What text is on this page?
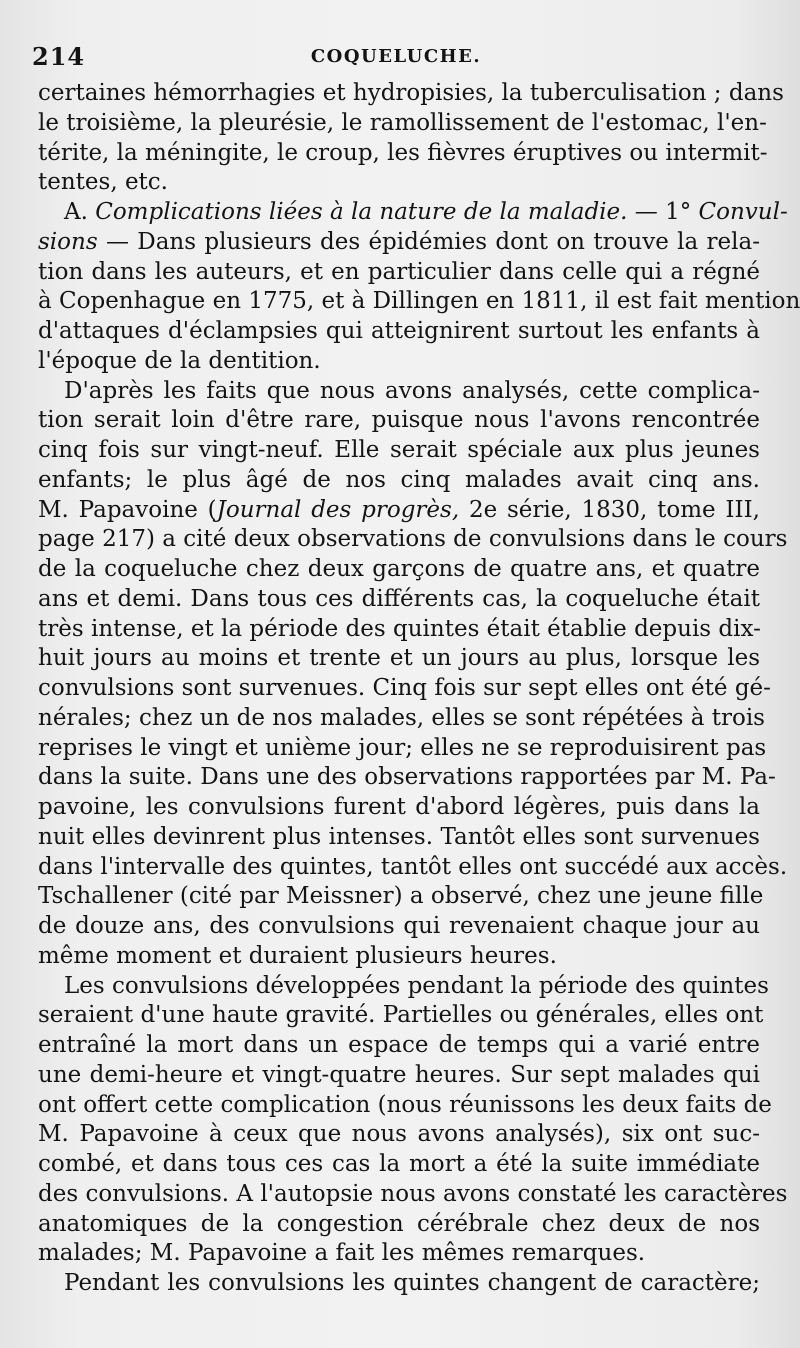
214	COQUELUCHE.
certaines hémorrhagies et hydropisies, la tuberculisation ; dans
le troisième, la pleurésie, le ramollissement de l'estomac, l'en-
térite, la méningite, le croup, les fièvres éruptives ou intermit-
tentes, etc.
A. Complications liées à la nature de la maladie. — 1° Convul-
sions — Dans plusieurs des épidémies dont on trouve la rela-
tion dans les auteurs, et en particulier dans celle qui a régné
à Copenhague en 1775, et à Dillingen en 1811, il est fait mention
d'attaques d'éclampsies qui atteignirent surtout les enfants à
l'époque de la dentition.
D'après les faits que nous avons analysés, cette complica-
tion serait loin d'être rare, puisque nous l'avons rencontrée
cinq fois sur vingt-neuf. Elle serait spéciale aux plus jeunes
enfants; le plus âgé de nos cinq malades avait cinq ans.
M. Papavoine (Journal des progrès, 2e série, 1830, tome III,
page 217) a cité deux observations de convulsions dans le cours
de la coqueluche chez deux garçons de quatre ans, et quatre
ans et demi. Dans tous ces différents cas, la coqueluche était
très intense, et la période des quintes était établie depuis dix-
huit jours au moins et trente et un jours au plus, lorsque les
convulsions sont survenues. Cinq fois sur sept elles ont été gé-
nérales; chez un de nos malades, elles se sont répétées à trois
reprises le vingt et unième jour; elles ne se reproduisirent pas
dans la suite. Dans une des observations rapportées par M. Pa-
pavoine, les convulsions furent d'abord légères, puis dans la
nuit elles devinrent plus intenses. Tantôt elles sont survenues
dans l'intervalle des quintes, tantôt elles ont succédé aux accès.
Tschallener (cité par Meissner) a observé, chez une jeune fille
de douze ans, des convulsions qui revenaient chaque jour au
même moment et duraient plusieurs heures.
Les convulsions développées pendant la période des quintes
seraient d'une haute gravité. Partielles ou générales, elles ont
entraîné la mort dans un espace de temps qui a varié entre
une demi-heure et vingt-quatre heures. Sur sept malades qui
ont offert cette complication (nous réunissons les deux faits de
M. Papavoine à ceux que nous avons analysés), six ont suc-
combé, et dans tous ces cas la mort a été la suite immédiate
des convulsions. A l'autopsie nous avons constaté les caractères
anatomiques de la congestion cérébrale chez deux de nos
malades; M. Papavoine a fait les mêmes remarques.
Pendant les convulsions les quintes changent de caractère;
